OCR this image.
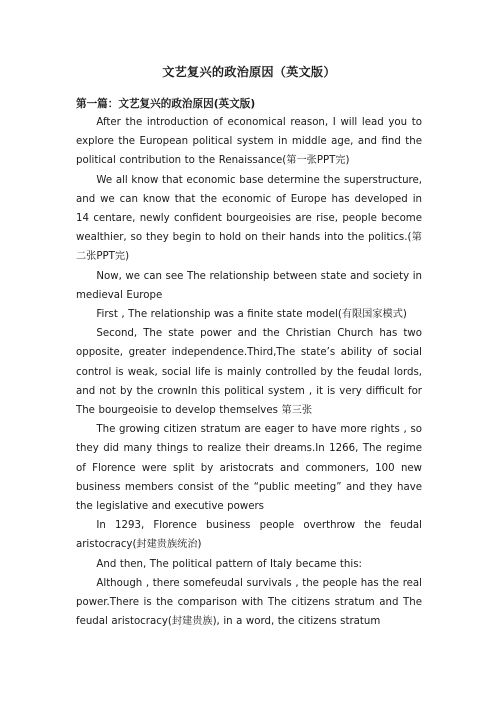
文艺复兴的政治原因（英文版）
第一篇：文艺复兴的政治原因(英文版)

After the introduction of economical reason, I will lead you to explore the European political system in middle age, and find the political contribution to the Renaissance(第一张PPT完)

We all know that economic base determine the superstructure, and we can know that the economic of Europe has developed in 14 centare, newly confident bourgeoisies are rise, people become wealthier, so they begin to hold on their hands into the politics.(第二张PPT完)

Now, we can see The relationship between state and society in medieval Europe

First , The relationship was a finite state model(有限国家模式)

Second, The state power and the Christian Church has two opposite, greater independence.Third,The state’s ability of social control is weak, social life is mainly controlled by the feudal lords, and not by the crownIn this political system , it is very difficult for The bourgeoisie to develop themselves 第三张

The growing citizen stratum are eager to have more rights , so they did many things to realize their dreams.In 1266, The regime of Florence were split by aristocrats and commoners, 100 new business members consist of the “public meeting” and they have the legislative and executive powers

In 1293, Florence business people overthrow the feudal aristocracy(封建贵族统治)

And then, The political pattern of Italy became this:

Although , there somefeudal survivals , the people has the real power.There is the comparison with The citizens stratum and The feudal aristocracy(封建贵族), in a word, the citizens stratum
